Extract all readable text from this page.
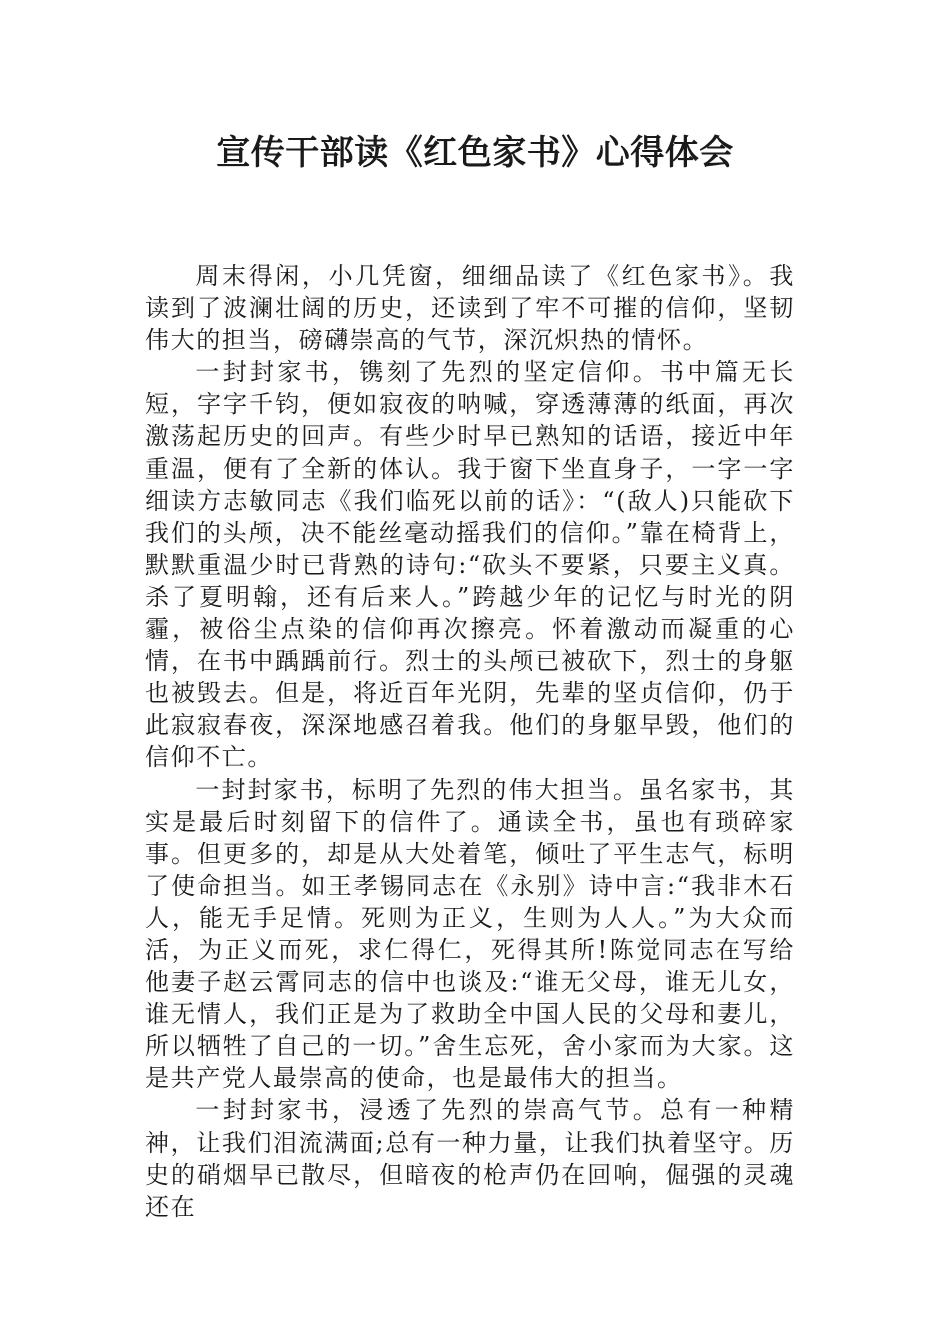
宣传干部读《红色家书》心得体会

周末得闲，小几凭窗，细细品读了《红色家书》。我读到了波澜壮阔的历史，还读到了牢不可摧的信仰，坚韧伟大的担当，磅礴崇高的气节，深沉炽热的情怀。

一封封家书，镌刻了先烈的坚定信仰。书中篇无长短，字字千钧，便如寂夜的呐喊，穿透薄薄的纸面，再次激荡起历史的回声。有些少时早已熟知的话语，接近中年重温，便有了全新的体认。我于窗下坐直身子，一字一字细读方志敏同志《我们临死以前的话》：“(敌人)只能砍下我们的头颅，决不能丝毫动摇我们的信仰。”靠在椅背上，默默重温少时已背熟的诗句:“砍头不要紧，只要主义真。杀了夏明翰，还有后来人。”跨越少年的记忆与时光的阴霾，被俗尘点染的信仰再次擦亮。怀着激动而凝重的心情，在书中踽踽前行。烈士的头颅已被砍下，烈士的身躯也被毁去。但是，将近百年光阴，先辈的坚贞信仰，仍于此寂寂春夜，深深地感召着我。他们的身躯早毁，他们的信仰不亡。

一封封家书，标明了先烈的伟大担当。虽名家书，其实是最后时刻留下的信件了。通读全书，虽也有琐碎家事。但更多的，却是从大处着笔，倾吐了平生志气，标明了使命担当。如王孝锡同志在《永别》诗中言:“我非木石人，能无手足情。死则为正义，生则为人人。”为大众而活，为正义而死，求仁得仁，死得其所!陈觉同志在写给他妻子赵云霄同志的信中也谈及:“谁无父母，谁无儿女，谁无情人，我们正是为了救助全中国人民的父母和妻儿，所以牺牲了自己的一切。”舍生忘死，舍小家而为大家。这是共产党人最崇高的使命，也是最伟大的担当。

一封封家书，浸透了先烈的崇高气节。总有一种精神，让我们泪流满面;总有一种力量，让我们执着坚守。历史的硝烟早已散尽，但暗夜的枪声仍在回响，倔强的灵魂还在
